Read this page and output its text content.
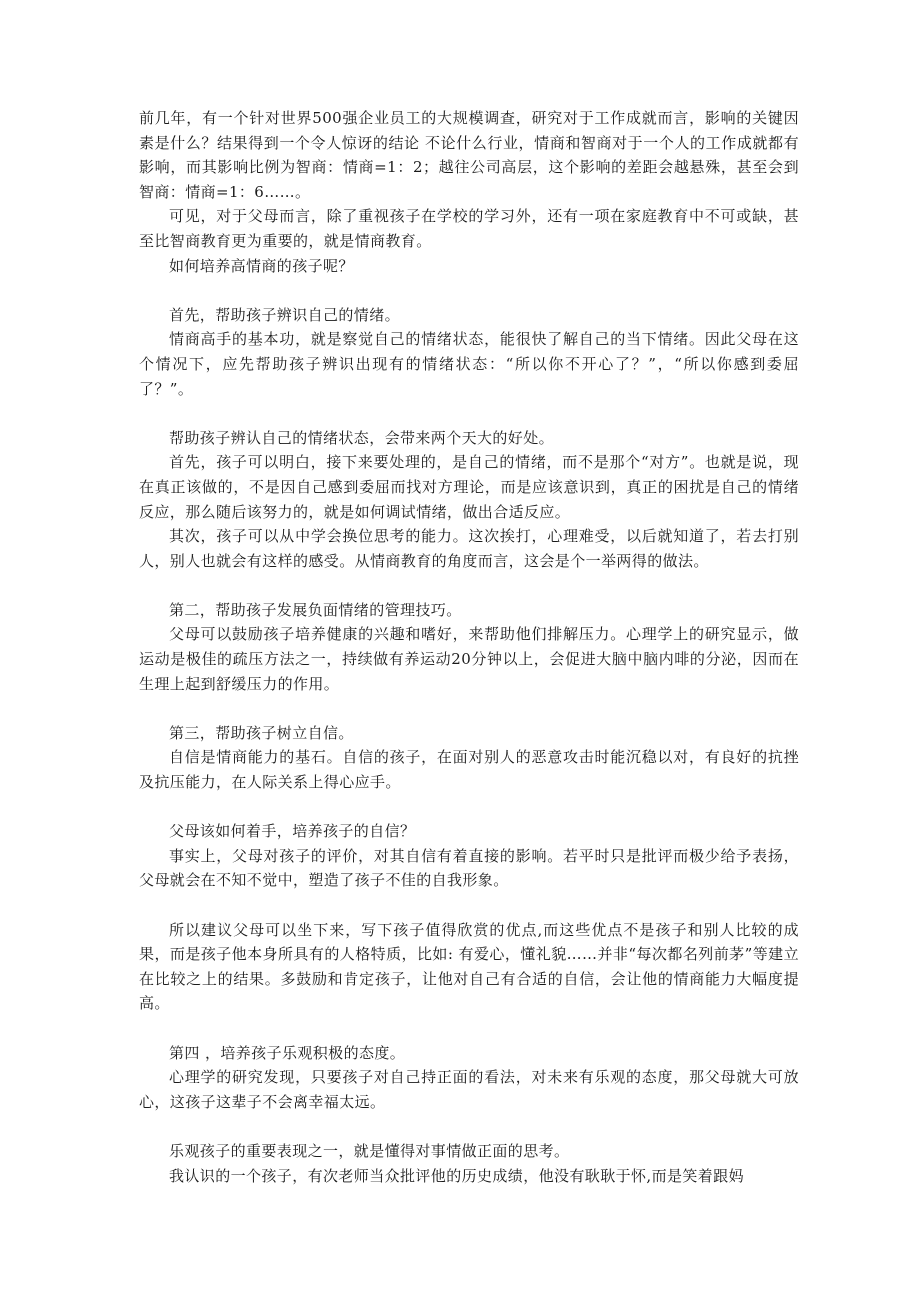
前几年，有一个针对世界500强企业员工的大规模调查，研究对于工作成就而言，影响的关键因素是什么？结果得到一个令人惊讶的结论 不论什么行业，情商和智商对于一个人的工作成就都有影响，而其影响比例为智商：情商=1：2；越往公司高层，这个影响的差距会越悬殊，甚至会到智商：情商=1：6……。

可见，对于父母而言，除了重视孩子在学校的学习外，还有一项在家庭教育中不可或缺，甚至比智商教育更为重要的，就是情商教育。

如何培养高情商的孩子呢？

首先，帮助孩子辨识自己的情绪。

情商高手的基本功，就是察觉自己的情绪状态，能很快了解自己的当下情绪。因此父母在这个情况下，应先帮助孩子辨识出现有的情绪状态：“所以你不开心了？”，“所以你感到委屈了？”。

帮助孩子辨认自己的情绪状态，会带来两个天大的好处。

首先，孩子可以明白，接下来要处理的，是自己的情绪，而不是那个“对方”。也就是说，现在真正该做的，不是因自己感到委屈而找对方理论，而是应该意识到，真正的困扰是自己的情绪反应，那么随后该努力的，就是如何调试情绪，做出合适反应。

其次，孩子可以从中学会换位思考的能力。这次挨打，心理难受，以后就知道了，若去打别人，别人也就会有这样的感受。从情商教育的角度而言，这会是个一举两得的做法。

第二，帮助孩子发展负面情绪的管理技巧。

父母可以鼓励孩子培养健康的兴趣和嗜好，来帮助他们排解压力。心理学上的研究显示，做运动是极佳的疏压方法之一，持续做有养运动20分钟以上，会促进大脑中脑内啡的分泌，因而在生理上起到舒缓压力的作用。

第三，帮助孩子树立自信。

自信是情商能力的基石。自信的孩子，在面对别人的恶意攻击时能沉稳以对，有良好的抗挫及抗压能力，在人际关系上得心应手。

父母该如何着手，培养孩子的自信？

事实上，父母对孩子的评价，对其自信有着直接的影响。若平时只是批评而极少给予表扬，父母就会在不知不觉中，塑造了孩子不佳的自我形象。

所以建议父母可以坐下来，写下孩子值得欣赏的优点,而这些优点不是孩子和别人比较的成果，而是孩子他本身所具有的人格特质，比如: 有爱心，懂礼貌……并非“每次都名列前茅”等建立在比较之上的结果。多鼓励和肯定孩子，让他对自己有合适的自信，会让他的情商能力大幅度提高。

第四 ，培养孩子乐观积极的态度。

心理学的研究发现，只要孩子对自己持正面的看法，对未来有乐观的态度，那父母就大可放心，这孩子这辈子不会离幸福太远。

乐观孩子的重要表现之一，就是懂得对事情做正面的思考。

我认识的一个孩子，有次老师当众批评他的历史成绩，他没有耿耿于怀,而是笑着跟妈
